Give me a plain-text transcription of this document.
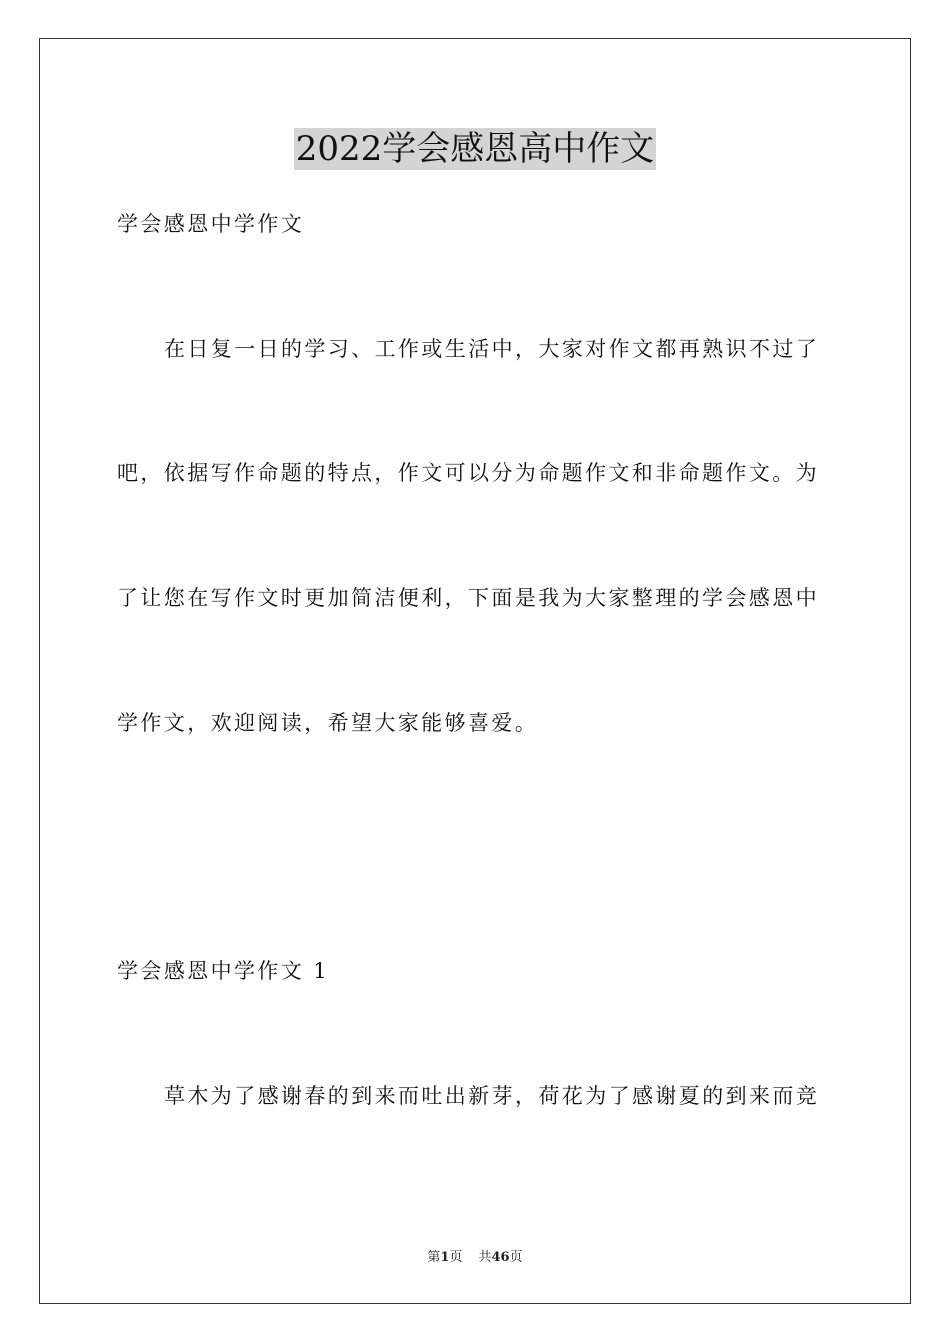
2022学会感恩高中作文
学会感恩中学作文
在日复一日的学习、工作或生活中，大家对作文都再熟识不过了
吧，依据写作命题的特点，作文可以分为命题作文和非命题作文。为
了让您在写作文时更加简洁便利，下面是我为大家整理的学会感恩中
学作文，欢迎阅读，希望大家能够喜爱。
学会感恩中学作文 1
草木为了感谢春的到来而吐出新芽，荷花为了感谢夏的到来而竞
第1页 共46页
